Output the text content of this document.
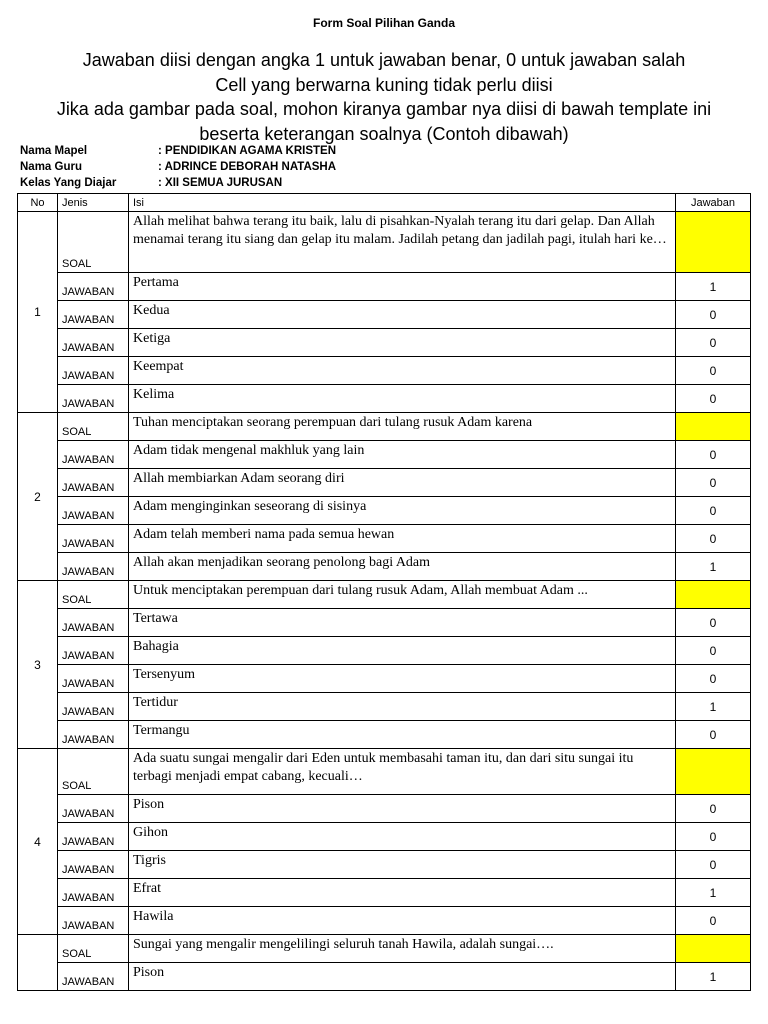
Form Soal Pilihan Ganda
Jawaban diisi dengan angka 1 untuk jawaban benar, 0 untuk jawaban salah
Cell yang berwarna kuning tidak perlu diisi
Jika ada gambar pada soal, mohon kiranya gambar nya diisi di bawah template ini
beserta keterangan soalnya (Contoh dibawah)
Nama Mapel	: PENDIDIKAN AGAMA KRISTEN
Nama Guru	: ADRINCE DEBORAH NATASHA
Kelas Yang Diajar	: XII SEMUA JURUSAN
No	Jenis	Isi	Jawaban
1	SOAL	Allah melihat bahwa terang itu baik, lalu di pisahkan-Nyalah terang itu dari gelap. Dan Allah menamai terang itu siang dan gelap itu malam. Jadilah petang dan jadilah pagi, itulah hari ke…	
	JAWABAN	Pertama	1
	JAWABAN	Kedua	0
	JAWABAN	Ketiga	0
	JAWABAN	Keempat	0
	JAWABAN	Kelima	0
2	SOAL	Tuhan menciptakan seorang perempuan dari tulang rusuk Adam karena	
	JAWABAN	Adam tidak mengenal makhluk yang lain	0
	JAWABAN	Allah membiarkan Adam seorang diri	0
	JAWABAN	Adam menginginkan seseorang di sisinya	0
	JAWABAN	Adam telah memberi nama pada semua hewan	0
	JAWABAN	Allah akan menjadikan seorang penolong bagi Adam	1
3	SOAL	Untuk menciptakan perempuan dari tulang rusuk Adam, Allah membuat Adam ...	
	JAWABAN	Tertawa	0
	JAWABAN	Bahagia	0
	JAWABAN	Tersenyum	0
	JAWABAN	Tertidur	1
	JAWABAN	Termangu	0
4	SOAL	Ada suatu sungai mengalir dari Eden untuk membasahi taman itu, dan dari situ sungai itu terbagi menjadi empat cabang, kecuali…	
	JAWABAN	Pison	0
	JAWABAN	Gihon	0
	JAWABAN	Tigris	0
	JAWABAN	Efrat	1
	JAWABAN	Hawila	0
	SOAL	Sungai yang mengalir mengelilingi seluruh tanah Hawila, adalah sungai….	
	JAWABAN	Pison	1
